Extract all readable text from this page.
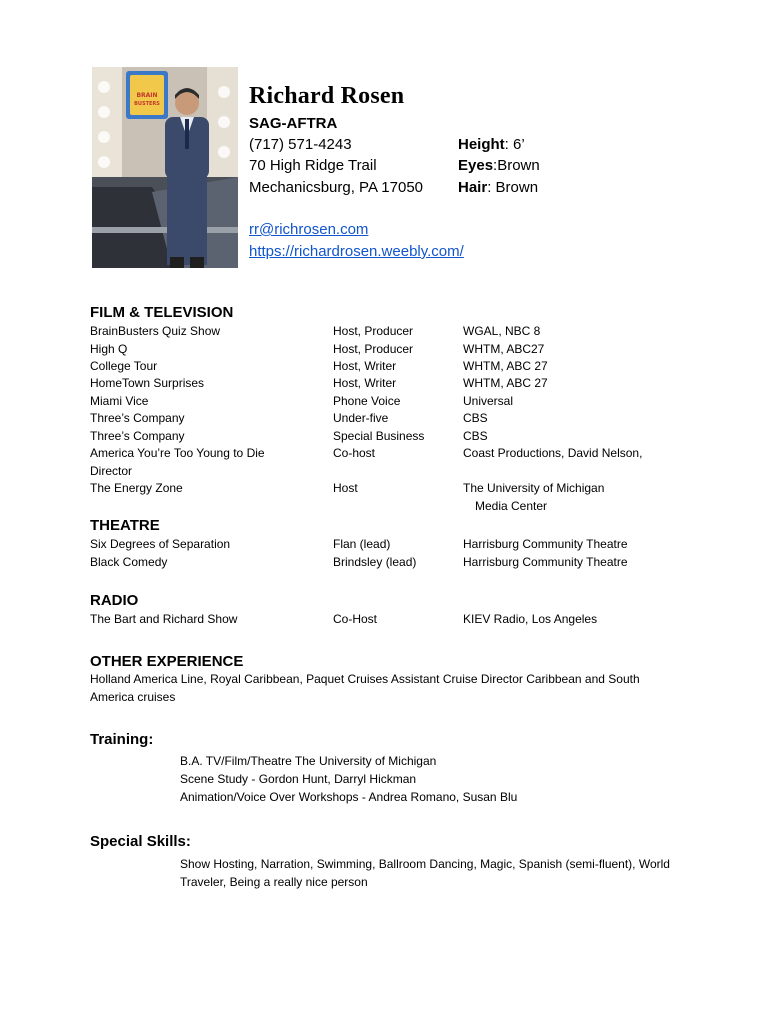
BRAIN
BUSTERS	Richard Rosen
SAG-AFTRA
(717) 571-4243
70 High Ridge Trail
Mechanicsburg, PA 17050
Height: 6’
Eyes:Brown
Hair: Brown
rr@richrosen.com
https://richardrosen.weebly.com/
FILM & TELEVISION
BrainBusters Quiz Show	Host, Producer	WGAL, NBC 8
High Q	Host, Producer	WHTM, ABC27
College Tour	Host, Writer	WHTM, ABC 27
HomeTown Surprises	Host, Writer	WHTM, ABC 27
Miami Vice	Phone Voice	Universal
Three’s Company	Under-five	CBS
Three’s Company	Special Business	CBS
America You’re Too Young to Die	Co-host	Coast Productions, David Nelson,
Director
The Energy Zone	Host	The University of Michigan
Media Center
THEATRE
Six Degrees of Separation	Flan (lead)	Harrisburg Community Theatre
Black Comedy	Brindsley (lead)	Harrisburg Community Theatre
RADIO
The Bart and Richard Show	Co-Host	KIEV Radio, Los Angeles
OTHER EXPERIENCE
Holland America Line, Royal Caribbean, Paquet Cruises Assistant Cruise Director Caribbean and South America cruises
Training:
B.A. TV/Film/Theatre The University of Michigan
Scene Study - Gordon Hunt, Darryl Hickman
Animation/Voice Over Workshops - Andrea Romano, Susan Blu
Special Skills:
Show Hosting, Narration, Swimming, Ballroom Dancing, Magic, Spanish (semi-fluent), World Traveler, Being a really nice person
